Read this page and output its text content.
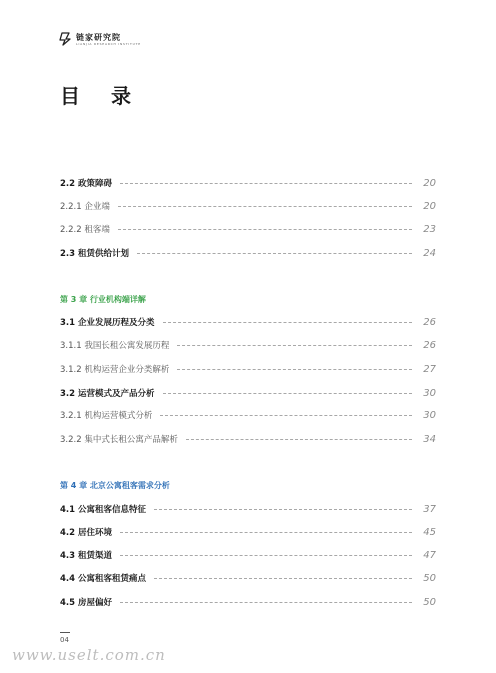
链家研究院
LIANJIA RESEARCH INSTITUTE
目 录
2.2 政策障碍	20
2.2.1 企业端	20
2.2.2 租客端	23
2.3 租赁供给计划	24
第 3 章 行业机构端详解
3.1 企业发展历程及分类	26
3.1.1 我国长租公寓发展历程	26
3.1.2 机构运营企业分类解析	27
3.2 运营模式及产品分析	30
3.2.1 机构运营模式分析	30
3.2.2 集中式长租公寓产品解析	34
第 4 章 北京公寓租客需求分析
4.1 公寓租客信息特征	37
4.2 居住环境	45
4.3 租赁渠道	47
4.4 公寓租客租赁痛点	50
4.5 房屋偏好	50
04
www.uselt.com.cn
